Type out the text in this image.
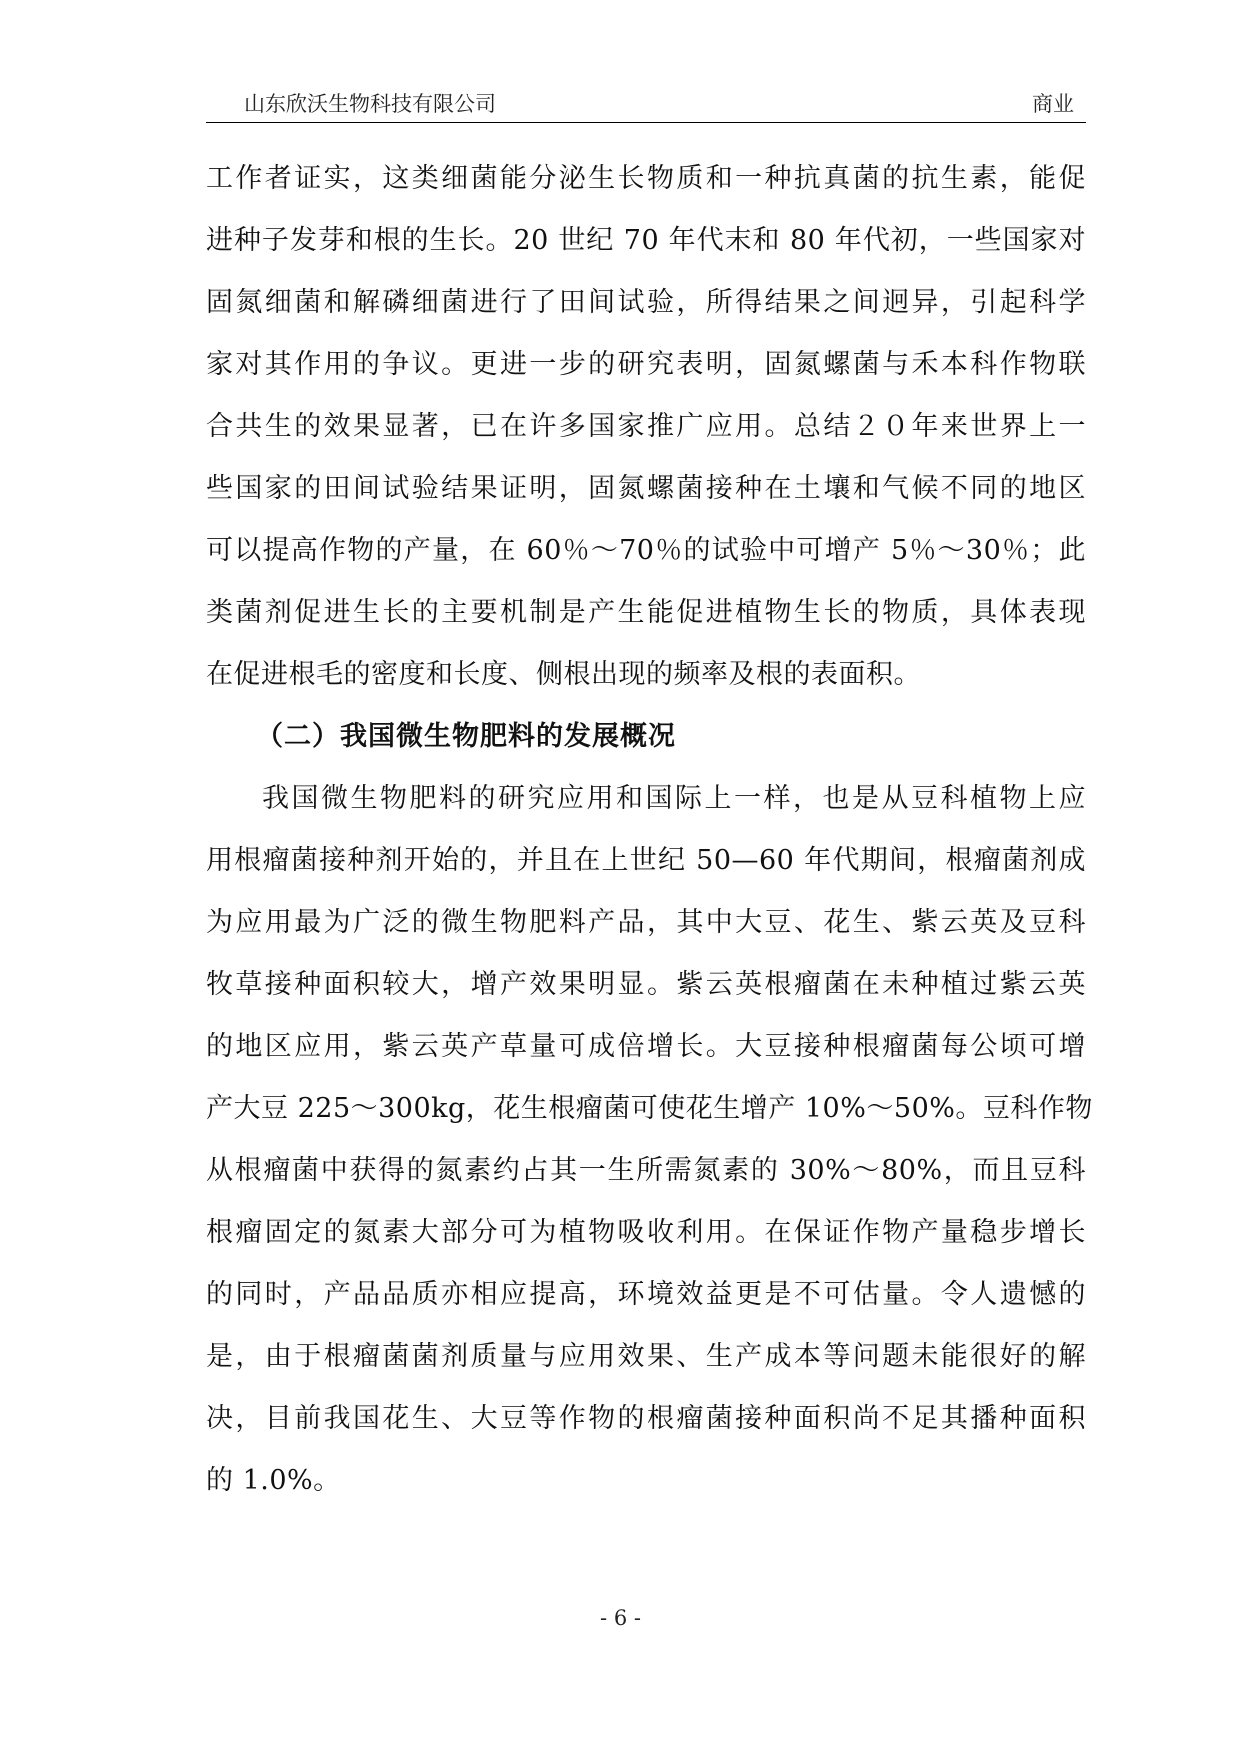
山东欣沃生物科技有限公司	商业
工作者证实，这类细菌能分泌生长物质和一种抗真菌的抗生素，能促
进种子发芽和根的生长。20 世纪 70 年代末和 80 年代初，一些国家对
固氮细菌和解磷细菌进行了田间试验，所得结果之间迥异，引起科学
家对其作用的争议。更进一步的研究表明，固氮螺菌与禾本科作物联
合共生的效果显著，已在许多国家推广应用。总结２０年来世界上一
些国家的田间试验结果证明，固氮螺菌接种在土壤和气候不同的地区
可以提高作物的产量，在 60％～70％的试验中可增产 5％～30％；此
类菌剂促进生长的主要机制是产生能促进植物生长的物质，具体表现
在促进根毛的密度和长度、侧根出现的频率及根的表面积。
（二）我国微生物肥料的发展概况
我国微生物肥料的研究应用和国际上一样，也是从豆科植物上应
用根瘤菌接种剂开始的，并且在上世纪 50—60 年代期间，根瘤菌剂成
为应用最为广泛的微生物肥料产品，其中大豆、花生、紫云英及豆科
牧草接种面积较大，增产效果明显。紫云英根瘤菌在未种植过紫云英
的地区应用，紫云英产草量可成倍增长。大豆接种根瘤菌每公顷可增
产大豆 225～300kg，花生根瘤菌可使花生增产 10%～50%。豆科作物
从根瘤菌中获得的氮素约占其一生所需氮素的 30%～80%，而且豆科
根瘤固定的氮素大部分可为植物吸收利用。在保证作物产量稳步增长
的同时，产品品质亦相应提高，环境效益更是不可估量。令人遗憾的
是，由于根瘤菌菌剂质量与应用效果、生产成本等问题未能很好的解
决，目前我国花生、大豆等作物的根瘤菌接种面积尚不足其播种面积
的 1.0%。
- 6 -
